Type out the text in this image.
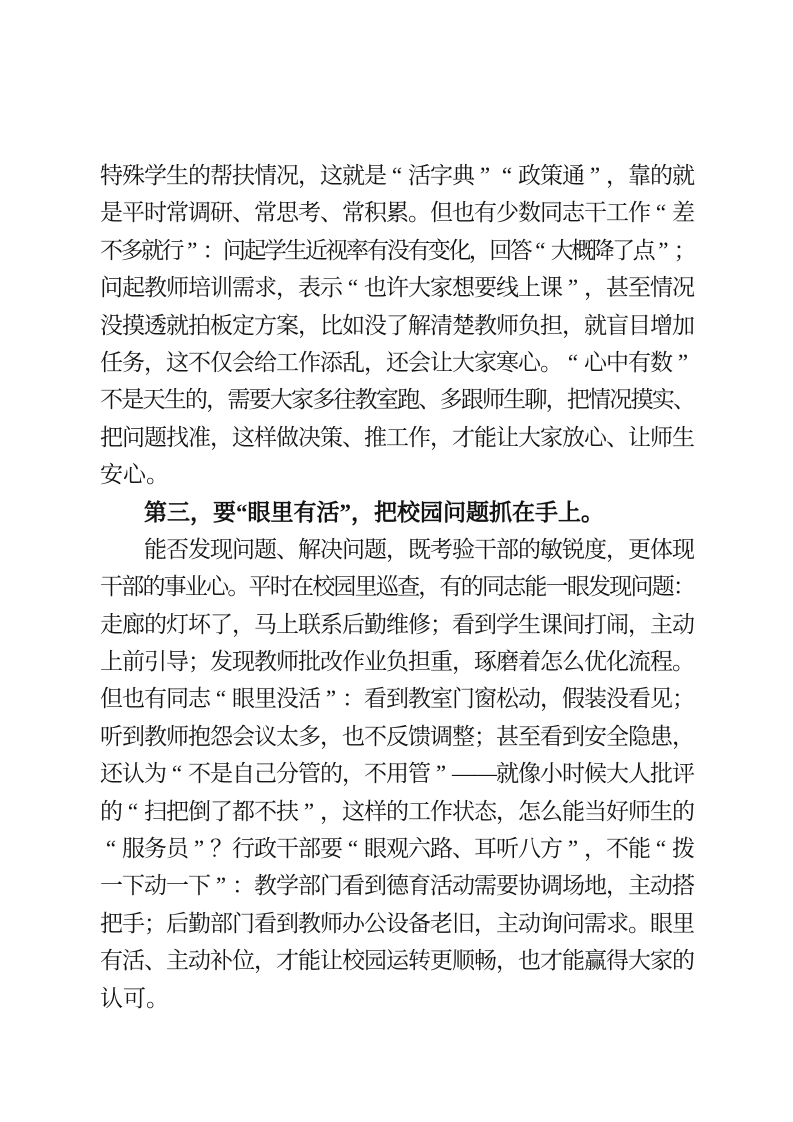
特 殊 学 生 的 帮 扶 情 况 ， 这 就 是 “ 活 字 典 ” “ 政 策 通 ” ， 靠 的 就
是 平 时 常 调 研 、 常 思 考 、 常 积 累 。 但 也 有 少 数 同 志 干 工 作 “ 差
不
多
就
行 ” ：
问
起
学
生
近
视
率
有
没
有
变
化
，
回
答 “ 大
概
降
了
点 ” ；
问 起 教 师 培 训 需 求 ， 表 示 “ 也 许 大 家 想 要 线 上 课 ” ， 甚 至 情 况
没 摸 透 就 拍 板 定 方 案 ， 比 如 没 了 解 清 楚 教 师 负 担 ， 就 盲 目 增 加
任 务 ， 这 不 仅 会 给 工 作 添 乱 ， 还 会 让 大 家 寒 心 。 “ 心 中 有 数 ”
不
是
天
生
的
，
需
要
大
家
多
往
教
室
跑
、
多
跟
师
生
聊
，
把
情
况
摸
实
、
把 问 题 找 准 ， 这 样 做 决 策 、 推 工 作 ， 才 能 让 大 家 放 心 、 让 师 生
安心。
第三，要“眼里有活”，把校园问题抓在手上。
能 否 发 现 问 题 、 解 决 问 题 ， 既 考 验 干 部 的 敏 锐 度 ， 更 体 现
干
部
的
事
业
心
。
平
时
在
校
园
里
巡
查
，
有
的
同
志
能
一
眼
发
现
问
题
：
走 廊 的 灯 坏 了 ， 马 上 联 系 后 勤 维 修 ； 看 到 学 生 课 间 打 闹 ， 主 动
上 前 引 导 ； 发 现 教 师 批 改 作 业 负 担 重 ， 琢 磨 着 怎 么 优 化 流 程 。
但 也 有 同 志 “ 眼 里 没 活 ” ： 看 到 教 室 门 窗 松 动 ， 假 装 没 看 见 ；
听 到 教 师 抱 怨 会 议 太 多 ， 也 不 反 馈 调 整 ； 甚 至 看 到 安 全 隐 患 ，
还 认 为 “ 不 是 自 己 分 管 的 ， 不 用 管 ” — — 就 像 小 时 候 大 人 批 评
的 “ 扫 把 倒 了 都 不 扶 ” ， 这 样 的 工 作 状 态 ， 怎 么 能 当 好 师 生 的
“ 服 务 员 ” ？ 行 政 干 部 要 “ 眼 观 六 路 、 耳 听 八 方 ” ， 不 能 “ 拨
一 下 动 一 下 ” ： 教 学 部 门 看 到 德 育 活 动 需 要 协 调 场 地 ， 主 动 搭
把 手 ； 后 勤 部 门 看 到 教 师 办 公 设 备 老 旧 ， 主 动 询 问 需 求 。 眼 里
有 活 、 主 动 补 位 ， 才 能 让 校 园 运 转 更 顺 畅 ， 也 才 能 赢 得 大 家 的
认可。
